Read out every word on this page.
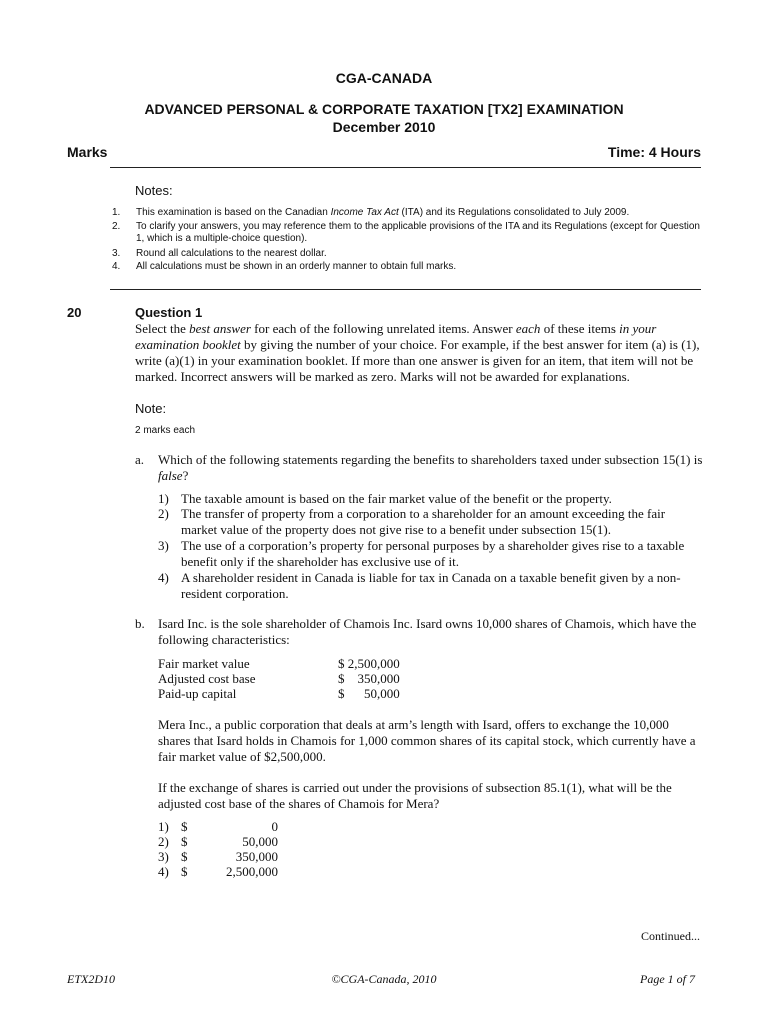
CGA-CANADA
ADVANCED PERSONAL & CORPORATE TAXATION [TX2] EXAMINATION
December 2010
Marks	Time: 4 Hours
Notes:
1. This examination is based on the Canadian Income Tax Act (ITA) and its Regulations consolidated to July 2009.
2. To clarify your answers, you may reference them to the applicable provisions of the ITA and its Regulations (except for Question 1, which is a multiple-choice question).
3. Round all calculations to the nearest dollar.
4. All calculations must be shown in an orderly manner to obtain full marks.
20	Question 1
Select the best answer for each of the following unrelated items. Answer each of these items in your examination booklet by giving the number of your choice. For example, if the best answer for item (a) is (1), write (a)(1) in your examination booklet. If more than one answer is given for an item, that item will not be marked. Incorrect answers will be marked as zero. Marks will not be awarded for explanations.
Note:
2 marks each
a. Which of the following statements regarding the benefits to shareholders taxed under subsection 15(1) is false?
1) The taxable amount is based on the fair market value of the benefit or the property.
2) The transfer of property from a corporation to a shareholder for an amount exceeding the fair market value of the property does not give rise to a benefit under subsection 15(1).
3) The use of a corporation’s property for personal purposes by a shareholder gives rise to a taxable benefit only if the shareholder has exclusive use of it.
4) A shareholder resident in Canada is liable for tax in Canada on a taxable benefit given by a non-resident corporation.
b. Isard Inc. is the sole shareholder of Chamois Inc. Isard owns 10,000 shares of Chamois, which have the following characteristics:
Fair market value	$ 2,500,000
Adjusted cost base	$    350,000
Paid-up capital	$      50,000
Mera Inc., a public corporation that deals at arm’s length with Isard, offers to exchange the 10,000 shares that Isard holds in Chamois for 1,000 common shares of its capital stock, which currently have a fair market value of $2,500,000.
If the exchange of shares is carried out under the provisions of subsection 85.1(1), what will be the adjusted cost base of the shares of Chamois for Mera?
1) $	0
2) $	50,000
3) $	350,000
4) $	2,500,000
Continued...
ETX2D10	©CGA-Canada, 2010	Page 1 of 7
